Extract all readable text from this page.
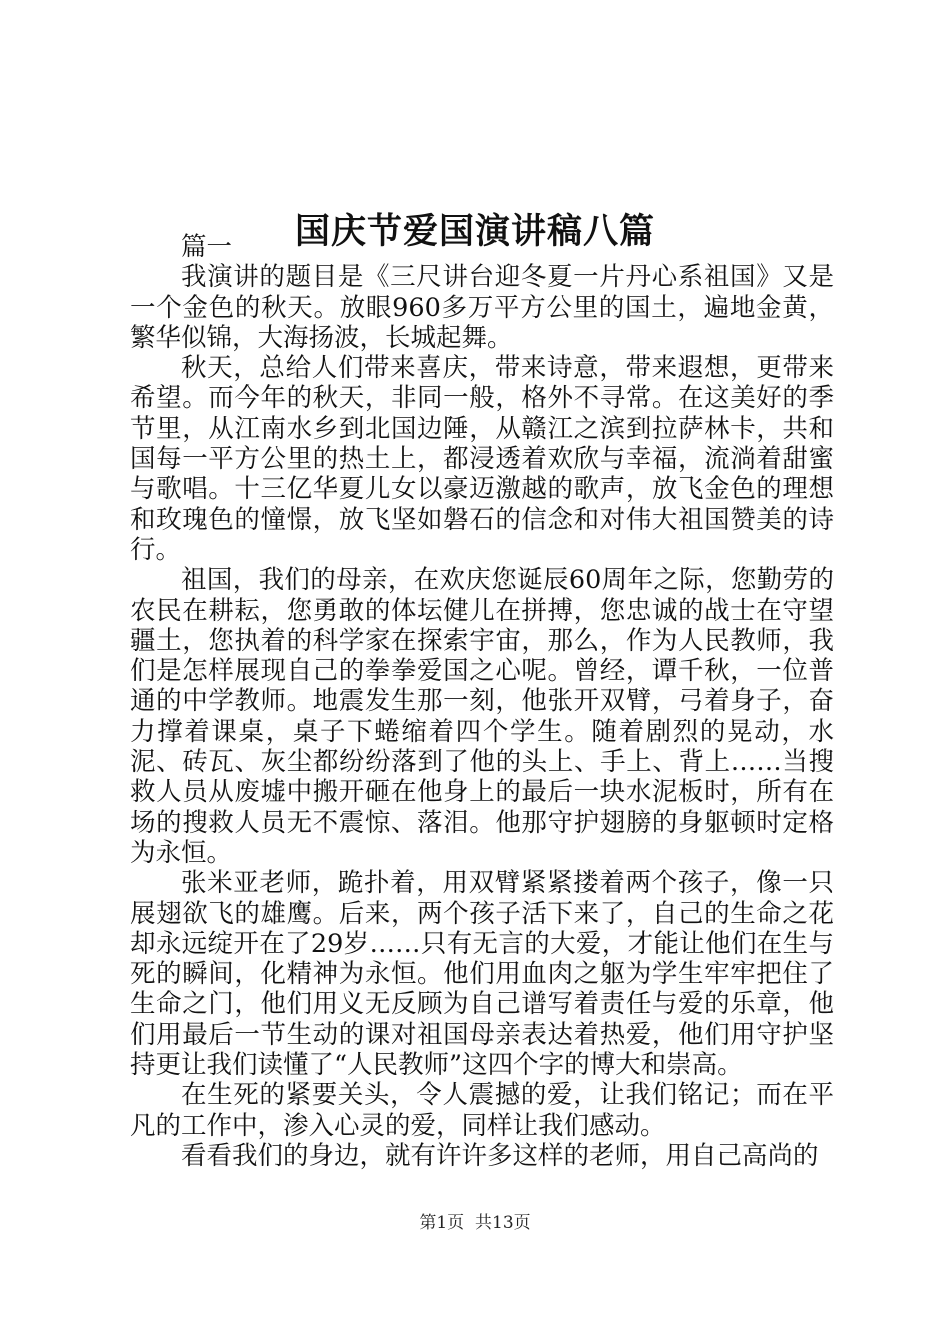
国庆节爱国演讲稿八篇

篇一

我演讲的题目是《三尺讲台迎冬夏一片丹心系祖国》又是一个金色的秋天。放眼960多万平方公里的国土，遍地金黄，繁华似锦，大海扬波，长城起舞。

秋天，总给人们带来喜庆，带来诗意，带来遐想，更带来希望。而今年的秋天，非同一般，格外不寻常。在这美好的季节里，从江南水乡到北国边陲，从赣江之滨到拉萨林卡，共和国每一平方公里的热土上，都浸透着欢欣与幸福，流淌着甜蜜与歌唱。十三亿华夏儿女以豪迈激越的歌声，放飞金色的理想和玫瑰色的憧憬，放飞坚如磐石的信念和对伟大祖国赞美的诗行。

祖国，我们的母亲，在欢庆您诞辰60周年之际，您勤劳的农民在耕耘，您勇敢的体坛健儿在拼搏，您忠诚的战士在守望疆土，您执着的科学家在探索宇宙，那么，作为人民教师，我们是怎样展现自己的拳拳爱国之心呢。曾经，谭千秋，一位普通的中学教师。地震发生那一刻，他张开双臂，弓着身子，奋力撑着课桌，桌子下蜷缩着四个学生。随着剧烈的晃动，水泥、砖瓦、灰尘都纷纷落到了他的头上、手上、背上……当搜救人员从废墟中搬开砸在他身上的最后一块水泥板时，所有在场的搜救人员无不震惊、落泪。他那守护翅膀的身躯顿时定格为永恒。

张米亚老师，跪扑着，用双臂紧紧搂着两个孩子，像一只展翅欲飞的雄鹰。后来，两个孩子活下来了，自己的生命之花却永远绽开在了29岁……只有无言的大爱，才能让他们在生与死的瞬间，化精神为永恒。他们用血肉之躯为学生牢牢把住了生命之门，他们用义无反顾为自己谱写着责任与爱的乐章，他们用最后一节生动的课对祖国母亲表达着热爱，他们用守护坚持更让我们读懂了“人民教师”这四个字的博大和崇高。

在生死的紧要关头，令人震撼的爱，让我们铭记；而在平凡的工作中，渗入心灵的爱，同样让我们感动。

看看我们的身边，就有许许多这样的老师，用自己高尚的

第1页 共13页
